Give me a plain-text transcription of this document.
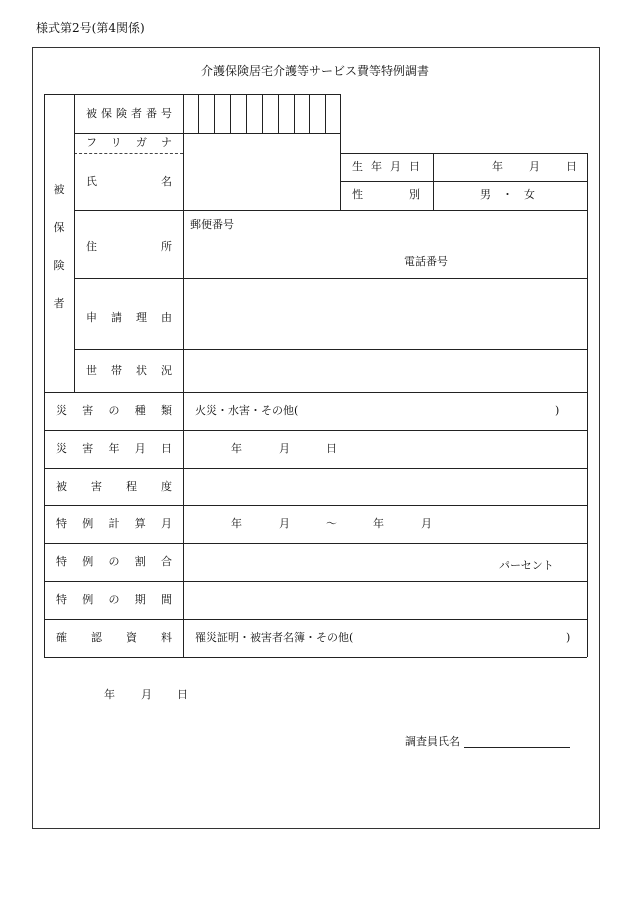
様式第2号(第4関係)
介護保険居宅介護等サービス費等特例調書
被
保
険
者
被保険者番号
フリガナ
氏　　　名
生年月日	年 月 日
性　　別	男　・　女
住　　　所
郵便番号
電話番号
申請理由
世帯状況
災害の種類 火災・水害・その他(	)
災害年月日	年	月	日
被害程度
特例計算月	年	月	～	年	月
特例の割合	パーセント
特例の期間
確認資料 罹災証明・被害者名簿・その他(	)
年 月 日
調査員氏名
